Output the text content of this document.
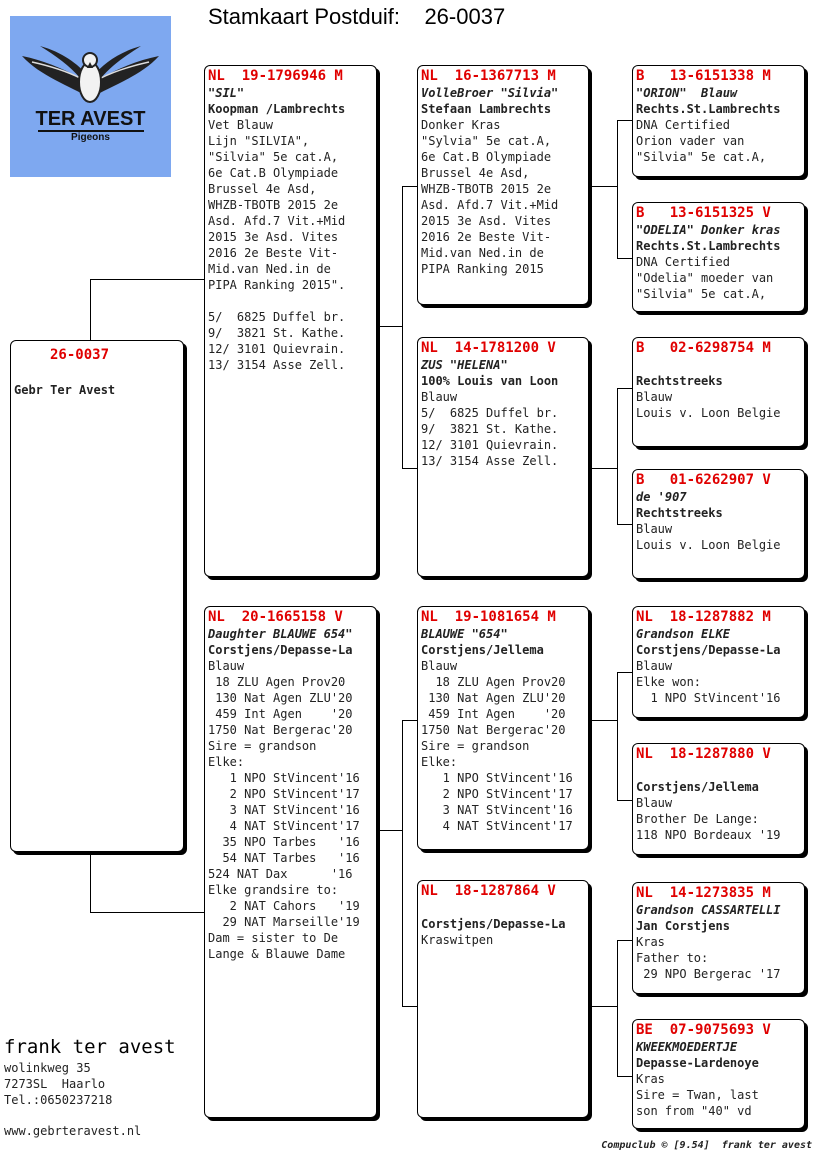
Stamkaart Postduif: 26-0037
TER AVEST
Pigeons
26-0037
Gebr Ter Avest
NL  19-1796946 M
"SIL"
Koopman /Lambrechts
Vet Blauw
Lijn "SILVIA",
"Silvia" 5e cat.A,
6e Cat.B Olympiade
Brussel 4e Asd,
WHZB-TBOTB 2015 2e
Asd. Afd.7 Vit.+Mid
2015 3e Asd. Vites
2016 2e Beste Vit-
Mid.van Ned.in de
PIPA Ranking 2015".

5/  6825 Duffel br.
9/  3821 St. Kathe.
12/ 3101 Quievrain.
13/ 3154 Asse Zell.
NL  20-1665158 V
Daughter BLAUWE 654"
Corstjens/Depasse-La
Blauw
18 ZLU Agen Prov20
130 Nat Agen ZLU'20
459 Int Agen    '20
1750 Nat Bergerac'20
Sire = grandson
Elke:
1 NPO StVincent'16
2 NPO StVincent'17
3 NAT StVincent'16
4 NAT StVincent'17
35 NPO Tarbes   '16
54 NAT Tarbes   '16
524 NAT Dax      '16
Elke grandsire to:
2 NAT Cahors   '19
29 NAT Marseille'19
Dam = sister to De
Lange & Blauwe Dame
NL  16-1367713 M
VolleBroer "Silvia"
Stefaan Lambrechts
Donker Kras
"Sylvia" 5e cat.A,
6e Cat.B Olympiade
Brussel 4e Asd,
WHZB-TBOTB 2015 2e
Asd. Afd.7 Vit.+Mid
2015 3e Asd. Vites
2016 2e Beste Vit-
Mid.van Ned.in de
PIPA Ranking 2015
NL  14-1781200 V
ZUS "HELENA"
100% Louis van Loon
Blauw
5/  6825 Duffel br.
9/  3821 St. Kathe.
12/ 3101 Quievrain.
13/ 3154 Asse Zell.
NL  19-1081654 M
BLAUWE "654"
Corstjens/Jellema
Blauw
18 ZLU Agen Prov20
130 Nat Agen ZLU'20
459 Int Agen    '20
1750 Nat Bergerac'20
Sire = grandson
Elke:
1 NPO StVincent'16
2 NPO StVincent'17
3 NAT StVincent'16
4 NAT StVincent'17
NL  18-1287864 V

Corstjens/Depasse-La
Kraswitpen
B   13-6151338 M
"ORION"  Blauw
Rechts.St.Lambrechts
DNA Certified
Orion vader van
"Silvia" 5e cat.A,
B   13-6151325 V
"ODELIA" Donker kras
Rechts.St.Lambrechts
DNA Certified
"Odelia" moeder van
"Silvia" 5e cat.A,
B   02-6298754 M

Rechtstreeks
Blauw
Louis v. Loon Belgie
B   01-6262907 V
de '907
Rechtstreeks
Blauw
Louis v. Loon Belgie
NL  18-1287882 M
Grandson ELKE
Corstjens/Depasse-La
Blauw
Elke won:
1 NPO StVincent'16
NL  18-1287880 V

Corstjens/Jellema
Blauw
Brother De Lange:
118 NPO Bordeaux '19
NL  14-1273835 M
Grandson CASSARTELLI
Jan Corstjens
Kras
Father to:
29 NPO Bergerac '17
BE  07-9075693 V
KWEEKMOEDERTJE
Depasse-Lardenoye
Kras
Sire = Twan, last
son from "40" vd
frank ter avest
wolinkweg 35
7273SL  Haarlo
Tel.:0650237218
www.gebrteravest.nl
Compuclub © [9.54]  frank ter avest
